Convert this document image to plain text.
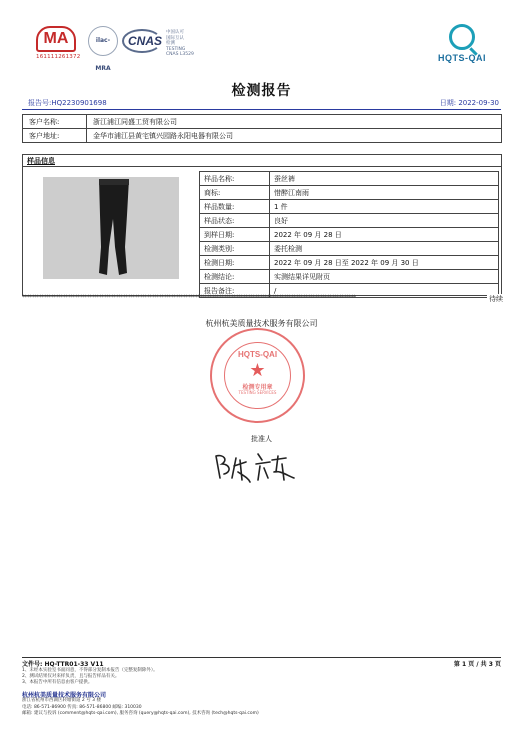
MA
161111261372
ilac-MRA
CNAS
中国认可
国际互认
检测
TESTING
CNAS L3529	HQTS-QAI
检测报告
报告号:HQ2230901698	日期: 2022-09-30
客户名称:	浙江浦江同盛工贸有限公司
客户地址:	金华市浦江县黄宅镇兴园路永阳电器有限公司
样品信息
样品名称:	蚕丝裤
商标:	惜醉江南雨
样品数量:	1 件
样品状态:	良好
到样日期:	2022 年 09 月 28 日
检测类别:	委托检测
检测日期:	2022 年 09 月 28 日至 2022 年 09 月 30 日
检测结论:	实测结果详见附页
报告备注:	/
*******************************************************************************************************************************************	待续
杭州杭美质量技术服务有限公司
HQTS-QAI
★
检测专用章
TESTING SERVICES
批准人
文件号: HQ-TTR01-33 V11	第 1 页 / 共 3 页
1、未经本实验室书面同意，不得部分复制本报告（完整复制除外）。
2、测试结果仅对来样负责，且与报告样品有关。
3、本报告中所有信息由客户提供。
杭州杭美质量技术服务有限公司
浙江省杭州市西湖区转塘街道 2 号 3 楼
电话: 86-571-86900 传真: 86-571-86800 邮编: 310030
邮箱: 建议与投诉 (comment@hqts-qai.com), 服务咨询 (query@hqts-qai.com), 技术咨询 (tech@hqts-qai.com)
